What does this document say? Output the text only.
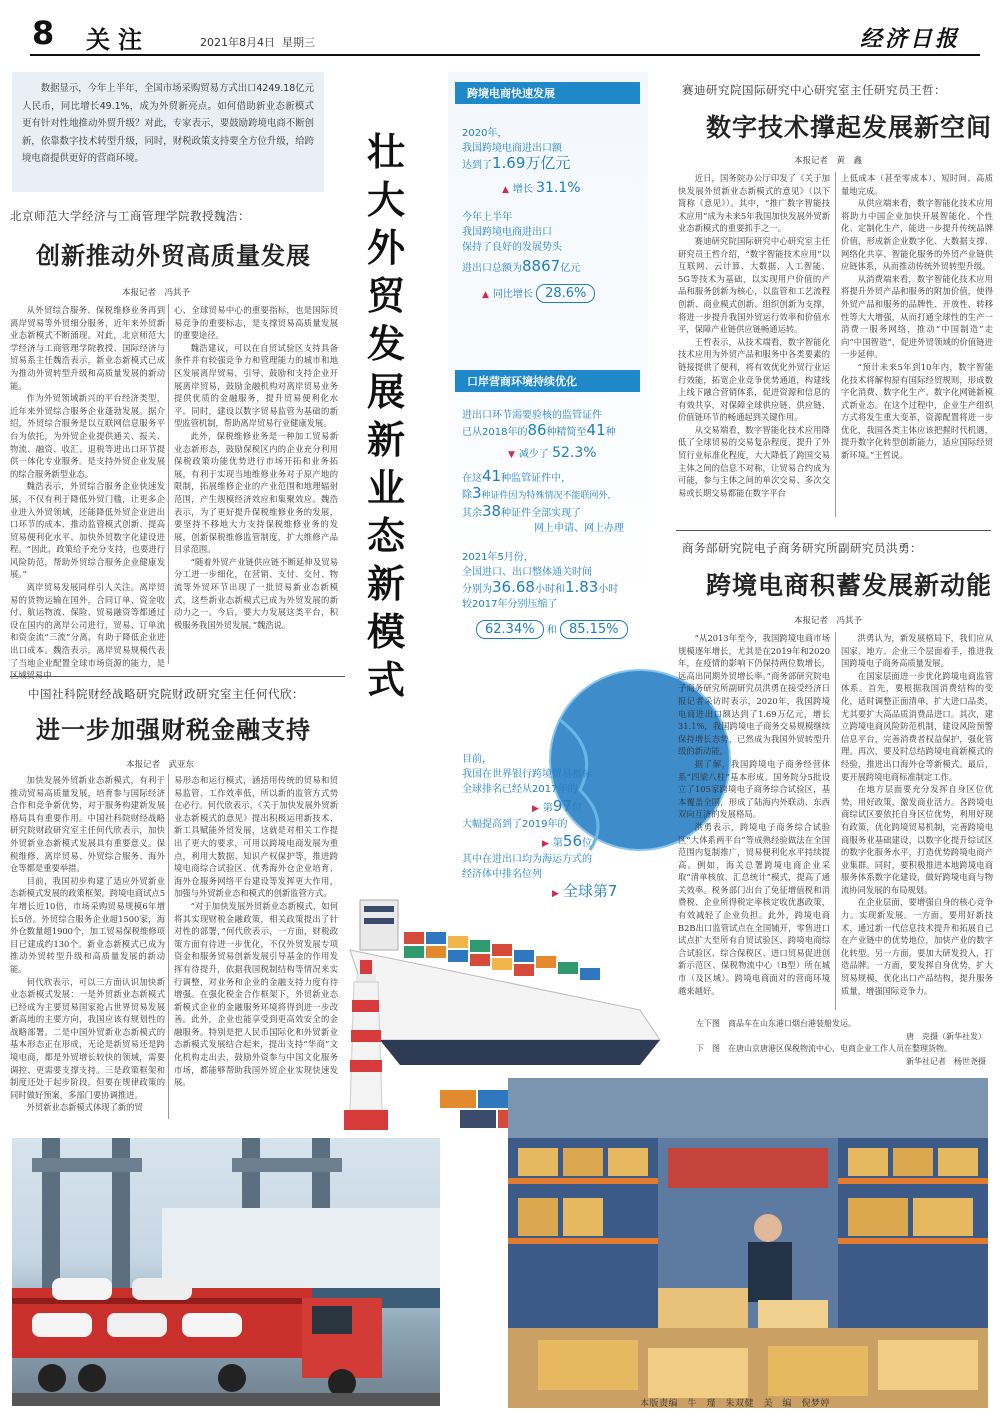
8 关注	2021年8月4日 星期三	经济日报
数据显示，今年上半年，全国市场采购贸易方式出口4249.18亿元人民币，同比增长49.1%，成为外贸新亮点。如何借助新业态新模式更有针对性地推动外贸升级？对此，专家表示，要鼓励跨境电商不断创新，依靠数字技术转型升级，同时，财税政策支持要全方位升级，给跨境电商提供更好的营商环境。	壮大外贸发展新业态新模式
北京师范大学经济与工商管理学院教授魏浩：
创新推动外贸高质量发展
本报记者　冯其予

从外贸综合服务、保税维修业务再到离岸贸易等外贸细分服务，近年来外贸新业态新模式不断涌现。对此，北京师范大学经济与工商管理学院教授、国际经济与贸易系主任魏浩表示，新业态新模式已成为推动外贸转型升级和高质量发展的新动能。

作为外贸领域新兴的平台经济类型，近年来外贸综合服务企业蓬勃发展。据介绍，外贸综合服务是以互联网信息服务平台为依托，为外贸企业提供通关、报关、物流、融资、收汇、退税等进出口环节提供一体化专业服务。是支持外贸企业发展的综合服务新型业态。

魏浩表示，外贸综合服务企业快速发展，不仅有利于降低外贸门槛，让更多企业进入外贸领域，还能降低外贸企业进出口环节的成本、推动监管模式创新、提高贸易便利化水平、加快外贸数字化建设进程。“因此，政策给予充分支持，也要进行风险防范，帮助外贸综合服务企业健康发展。”

离岸贸易发展同样引人关注。离岸贸易的货物运输在国外，合同订单、资金收付、航运物流、保险、贸易融资等都通过设在国内的离岸公司进行，贸易、订单流和资金流“三流”分离，有助于降低企业进出口成本。魏浩表示，离岸贸易规模代表了当地企业配置全球市场资源的能力，是区域贸易中

心、全球贸易中心的重要指标，也是国际贸易竞争的重要标志，是支撑贸易高质量发展的重要途径。

魏浩建议，可以在自贸试验区支持具备条件并有较强竞争力和管理能力的城市和地区发展离岸贸易，引导、鼓励和支持企业开展离岸贸易，鼓励金融机构对离岸贸易业务提供优质的金融服务，提升贸易便利化水平。同时，建设以数字贸易监管为基础的新型监管机制，帮助离岸贸易行业健康发展。

此外，保税维修业务是一种加工贸易新业态新形态，鼓励保税区内的企业充分利用保税政策功能优势进行市场开拓和业务拓展，有利于实现当地维修业务对于原产地的限制，拓展维修企业的产业范围和地理辐射范围，产生规模经济效应和集聚效应。魏浩表示，为了更好提升保税维修业务的发展，要坚持不移地大力支持保税维修业务的发展，创新保税维修监管制度，扩大维修产品目录范围。

“随着外贸产业链供应链不断延伸及贸易分工进一步细化，在营销、支付、交付、物流等外贸环节出现了一批贸易新业态新模式，这些新业态新模式已成为外贸发展的新动力之一。今后，要大力发展这类平台，积极服务我国外贸发展。”魏浩说。

中国社科院财经战略研究院财政研究室主任何代欣：
进一步加强财税金融支持
本报记者　武亚东

加快发展外贸新业态新模式，有利于推动贸易高质量发展，培育参与国际经济合作和竞争新优势，对于服务构建新发展格局具有重要作用。中国社科院财经战略研究院财政研究室主任何代欣表示，加快外贸新业态新模式发展具有重要意义。保税维修、离岸贸易、外贸综合服务、海外仓等都是重要举措。

目前，我国初步构建了适应外贸新业态新模式发展的政策框架。跨境电商试点5年增长近10倍，市场采购贸易规模6年增长5倍。外贸综合服务企业超1500家，海外仓数量超1900个，加工贸易保税维修项目已建成约130个。新业态新模式已成为推动外贸转型升级和高质量发展的新动能。

何代欣表示，可以三方面认识加快新业态新模式发展：一是外贸新业态新模式已经成为主要贸易国家抢占世界贸易发展新高地的主要方向，我国应该有规划性的战略部署。二是中国外贸新业态新模式的基本形态正在形成，无论是新贸易还是跨境电商，都是外贸增长较快的领域，需要调控、更需要支撑支持。三是政策框架和制度还处于起步阶段，但要在规律政策的同时做好预案，多部门要协调推进。

外贸新业态新模式体现了新的贸

易形态和运行模式，涵括用传统的贸易和贸易监管、工作效率低，所以新的监管方式势在必行。何代欣表示，《关于加快发展外贸新业态新模式的意见》提出积极运用新技术、新工具赋能外贸发展，这就是对相关工作提出了更大的要求，可用以跨境电商发展为重点，利用大数据、知识产权保护等，推进跨境电商综合试验区、优秀海外仓企业培育、海外仓服务网络平台建设等发挥更大作用，加强与外贸新业态和模式的创新监管方式。

“对于加快发展外贸新业态新模式，如何将其实现财税金融政策，相关政策提出了针对性的部署，”何代欣表示，一方面，财税政策方面有待进一步优化，不仅外贸发展专项资金和服务贸易创新发展引导基金的作用发挥有待提升，依据我国税制结构等情况来实行调整，对业务和企业的金融支持力度有待增强。在强化税金合作框架下，外贸新业态新模式企业的金融服务环境将得到进一步改善。此外，企业也能享受到更高效安全的金融服务。特别是把人民币国际化和外贸新业态新模式发展结合起来，提出支持“华商”文化机构走出去，鼓励外资参与中国文化服务市场，都能够帮助我国外贸企业实现快速发展。

跨境电商快速发展
2020年，
我国跨境电商进出口额
达到了1.69万亿元
▲ 增长 31.1%
今年上半年
我国跨境电商进出口
保持了良好的发展势头
进出口总额为8867亿元
▲ 同比增长 28.6%
口岸营商环境持续优化
进出口环节需要验核的监管证件
已从2018年的86种精简至41种
▼ 减少了 52.3%
在这41种监管证件中，
除3种证件因为特殊情况不能联网外，
其余38种证件全部实现了
网上申请、网上办理
2021年5月份，
全国进口、出口整体通关时间
分别为36.68小时和1.83小时
较2017年分别压缩了
62.34% 和 85.15%
目前，
我国在世界银行跨境贸易指标
全球排名已经从2017年的
▶ 第97位
大幅提高到了2019年的
▶ 第56位
其中在进出口均为海运方式的
经济体中排名位列
▶ 全球第7
赛迪研究院国际研究中心研究室主任研究员王哲：
数字技术撑起发展新空间
本报记者　黄　鑫

近日，国务院办公厅印发了《关于加快发展外贸新业态新模式的意见》（以下简称《意见》）。其中，“推广数字智能技术应用”成为未来5年我国加快发展外贸新业态新模式的重要抓手之一。

赛迪研究院国际研究中心研究室主任研究员王哲介绍，“数字智能技术应用”以互联网、云计算、大数据、人工智能、5G等技术为基础，以实现用户价值的产品和服务创新为核心，以监管和工艺流程创新、商业模式创新、组织创新为支撑，将进一步提升我国外贸运行效率和价值水平，保障产业链供应链畅通运转。

王哲表示，从技术端看，数字智能化技术应用为外贸产品和服务中各类要素的链接提供了便利，将有效优化外贸行业运行效能，拓宽企业竞争优势通道，构建线上线下融合营销体系，促进资源和信息的有效共享，对保障全球供应链、供应链、价值链环节的畅通起到关键作用。

从交易端看，数字智能化技术应用降低了全球贸易的交易复杂程度，提升了外贸行业标准化程度，大大降低了跨国交易主体之间的信息不对称，让贸易合约成为可能，参与主体之间的单次交易、多次交易或长期交易都能在数字平台

上低成本（甚至零成本）、短时间、高质量地完成。

从供应端来看，数字智能化技术应用将助力中国企业加快开展智能化、个性化、定制化生产，能进一步提升传统品牌价值，形成新企业数字化、大数据支撑、网络化共享、智能化服务的外贸产业链供应链体系，从而推动传统外贸转型升级。

从消费端来看，数字智能化技术应用将提升外贸产品和服务的附加价值，使得外贸产品和服务的品牌性、开放性、转移性等大大增强，从而打通全球性的生产一消费一服务网络，推动“中国制造”走向“中国智造”，促进外贸领域的价值链进一步延伸。

“预计未来5年到10年内，数字智能化技术将解构原有国际经贸规则，形成数字化消费、数字化生产、数字化网链新模式新业态。在这个过程中，企业生产组织方式将发生重大变革，资源配置将进一步优化，我国各类主体应该把握时代机遇，提升数字化转型创新能力，适应国际经贸新环境。”王哲说。

商务部研究院电子商务研究所副研究员洪勇：
跨境电商积蓄发展新动能
本报记者　冯其予

“从2013年至今，我国跨境电商市场规模逐年增长，尤其是在2019年和2020年，在疫情的影响下仍保持两位数增长，远高出同期外贸增长率。”商务部研究院电子商务研究所副研究员洪勇在接受经济日报记者采访时表示，2020年，我国跨境电商进出口额达到了1.69万亿元，增长31.1%，我国跨境电子商务交易规模继续保持增长态势，已然成为我国外贸转型升级的新动能。

据了解，我国跨境电子商务经营体系“四梁八柱”基本形成。国务院分5批设立了105家跨境电子商务综合试验区，基本覆盖全国，形成了陆海内外联动、东西双向互济的发展格局。

洪勇表示，跨境电子商务综合试验区“大体系两平台”等成熟经验做法在全国范围内复制推广，贸易便利化水平持续提高。例如，海关总署跨境电商企业采取“清单核放、汇总统计”模式，提高了通关效率。税务部门出台了免征增值税和消费税、企业所得税定率核定收优惠政策，有效减轻了企业负担。此外，跨境电商B2B出口监管试点在全国铺开，零售进口试点扩大至所有自贸试验区、跨境电商综合试验区、综合保税区、进口贸易促进创新示范区、保税物流中心（B型）所在城市（及区域）。跨境电商面对的营商环境越来越好。

洪勇认为，新发展格局下，我们应从国家、地方、企业三个层面着手，推进我国跨境电子商务高质量发展。

在国家层面进一步优化跨境电商监管体系。首先，要根据我国消费结构的变化，适时调整正面清单，扩大进口品类，尤其要扩大高品质消费品进口。其次，建立跨境电商风险防范机制，建设风险预警信息平台，完善消费者权益保护，强化管理。再次，要及时总结跨境电商新模式的经验，推进出口海外仓等新模式。最后，要开展跨境电商标准制定工作。

在地方层面要充分发挥自身区位优势，用好政策，激发商业活力。各跨境电商综试区要依托自身区位优势，利用好现有政策，优化跨境贸易机制，完善跨境电商服务业基础建设，以数字化提升综试区的数字化服务水平，打造优势跨境电商产业集群。同时，要积极推进本地跨境电商服务体系数字化建设，做好跨境电商与物流协同发展的布局规划。

在企业层面，要增强自身的核心竞争力。实现新发展。一方面，要用好新技术，通过新一代信息技术提升和拓展自己在产业链中的优势地位，加快产业的数字化转型。另一方面，要加大研发投入，打造品牌。一方面，要发挥自身优势，扩大贸易规模，优化出口产品结构，提升服务质量，增强国际竞争力。

左下图 商品车在山东港口烟台港装船发运。
唐　克摄（新华社发）
下　图 在唐山京唐港区保税物流中心，电商企业工作人员在整理货物。
新华社记者　杨世尧摄
本版责编　牛　瑾　朱双健　美　编　倪梦婷
